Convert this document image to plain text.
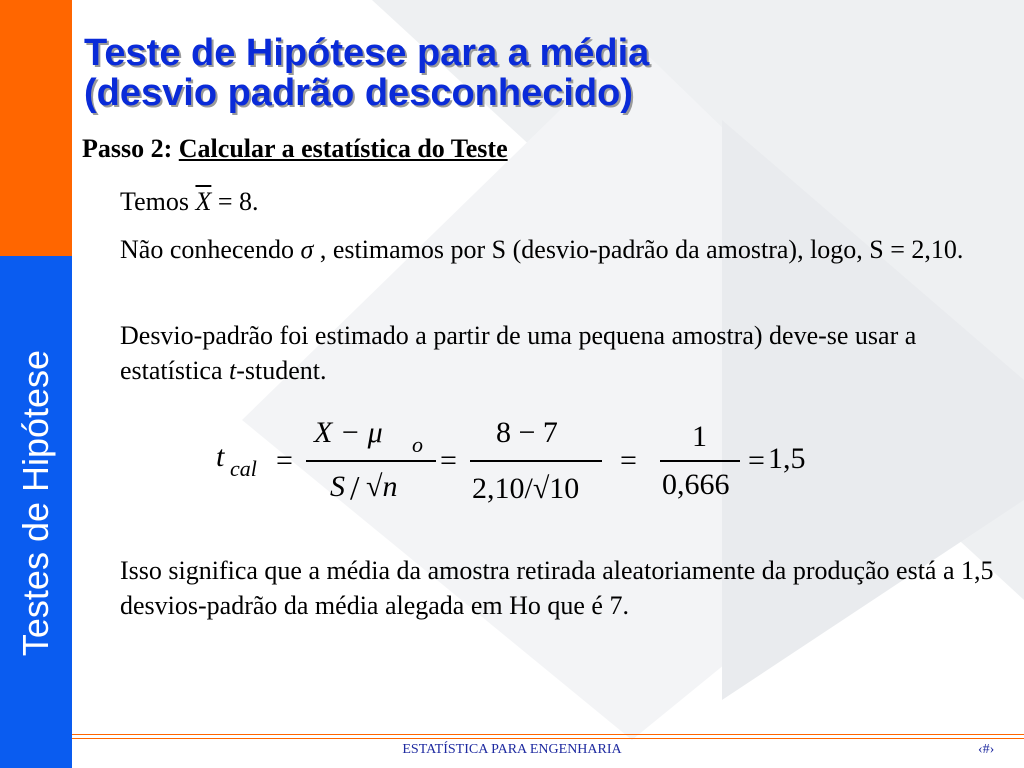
Testes de Hipótese
Teste de Hipótese para a média
(desvio padrão desconhecido)
Passo 2: Calcular a estatística do Teste
Temos $\overline{X} = 8$.
Não conhecendo σ , estimamos por S (desvio-padrão da amostra), logo, S = 2,10.
Desvio-padrão foi estimado a partir de uma pequena amostra) deve-se usar a estatística t-student.
t cal =
X − μ o
S / √n
=
8 − 7
2,10/√10
=
1
0,666
= 1,5
Isso significa que a média da amostra retirada aleatoriamente da produção está a 1,5 desvios-padrão da média alegada em Ho que é 7.
ESTATÍSTICA PARA ENGENHARIA	‹#›
